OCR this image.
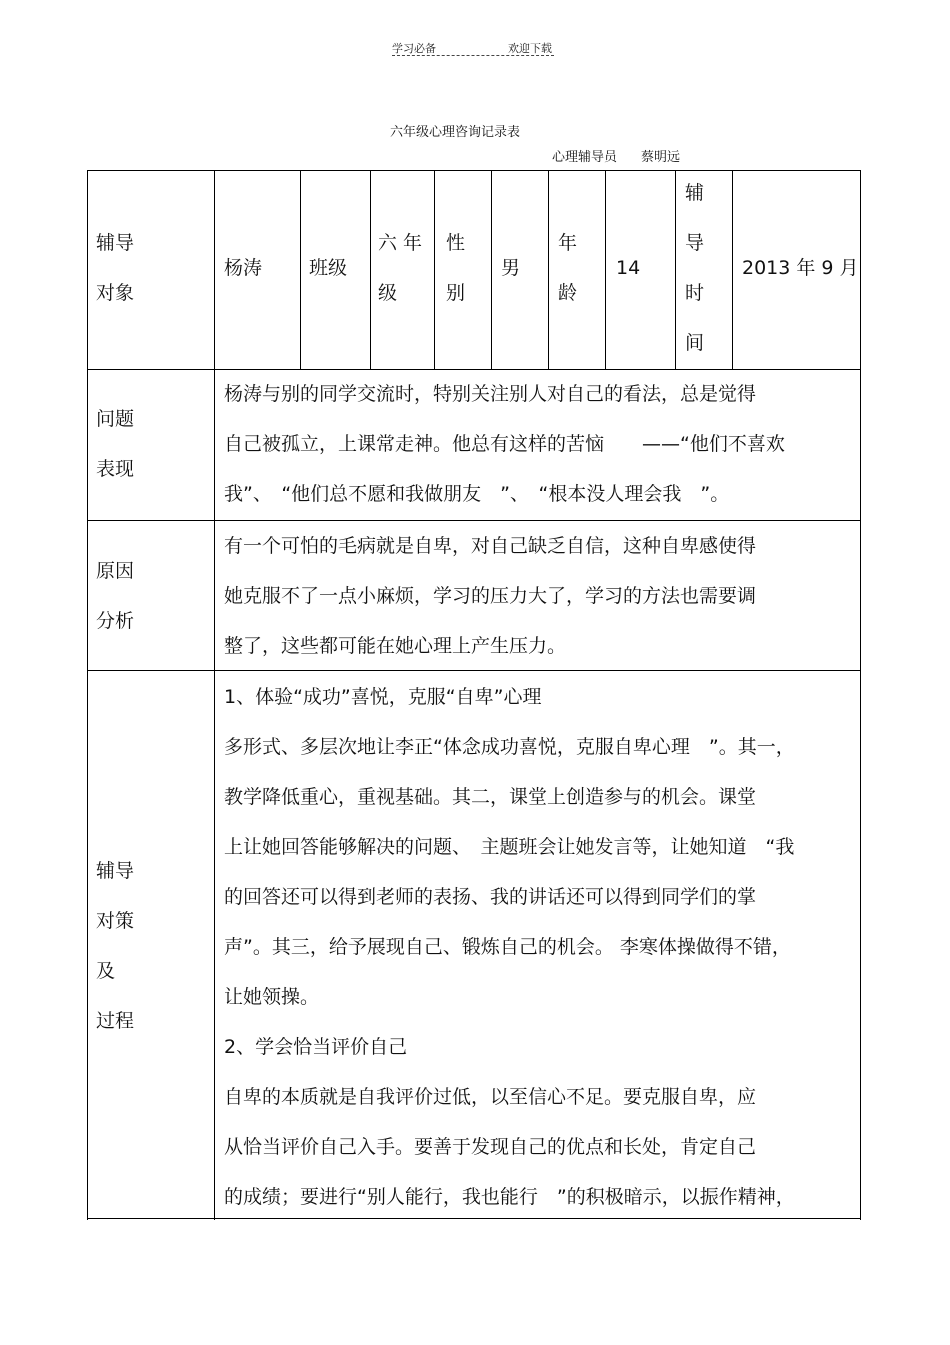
学习必备	欢迎下载
六年级心理咨询记录表
心理辅导员 蔡明远
辅导
对象
杨涛 班级
六 年
级
性
别
男
年
龄
14
辅
导
时
间
2013 年 9 月
问题
表现
杨涛与别的同学交流时，特别关注别人对自己的看法，总是觉得
自己被孤立，上课常走神。他总有这样的苦恼　　——“他们不喜欢
我”、　“他们总不愿和我做朋友　”、　“根本没人理会我　”。
原因
分析
有一个可怕的毛病就是自卑，对自己缺乏自信，这种自卑感使得
她克服不了一点小麻烦，学习的压力大了，学习的方法也需要调
整了，这些都可能在她心理上产生压力。
辅导
对策
及
过程
1、体验“成功”喜悦，克服“自卑”心理
多形式、多层次地让李正“体念成功喜悦，克服自卑心理　”。其一，
教学降低重心，重视基础。其二，课堂上创造参与的机会。课堂
上让她回答能够解决的问题、　主题班会让她发言等，让她知道　“我
的回答还可以得到老师的表扬、我的讲话还可以得到同学们的掌
声”。其三，给予展现自己、锻炼自己的机会。 李寒体操做得不错，
让她领操。
2、学会恰当评价自己
自卑的本质就是自我评价过低，以至信心不足。要克服自卑，应
从恰当评价自己入手。要善于发现自己的优点和长处，肯定自己
的成绩；要进行“别人能行，我也能行　”的积极暗示，以振作精神，
